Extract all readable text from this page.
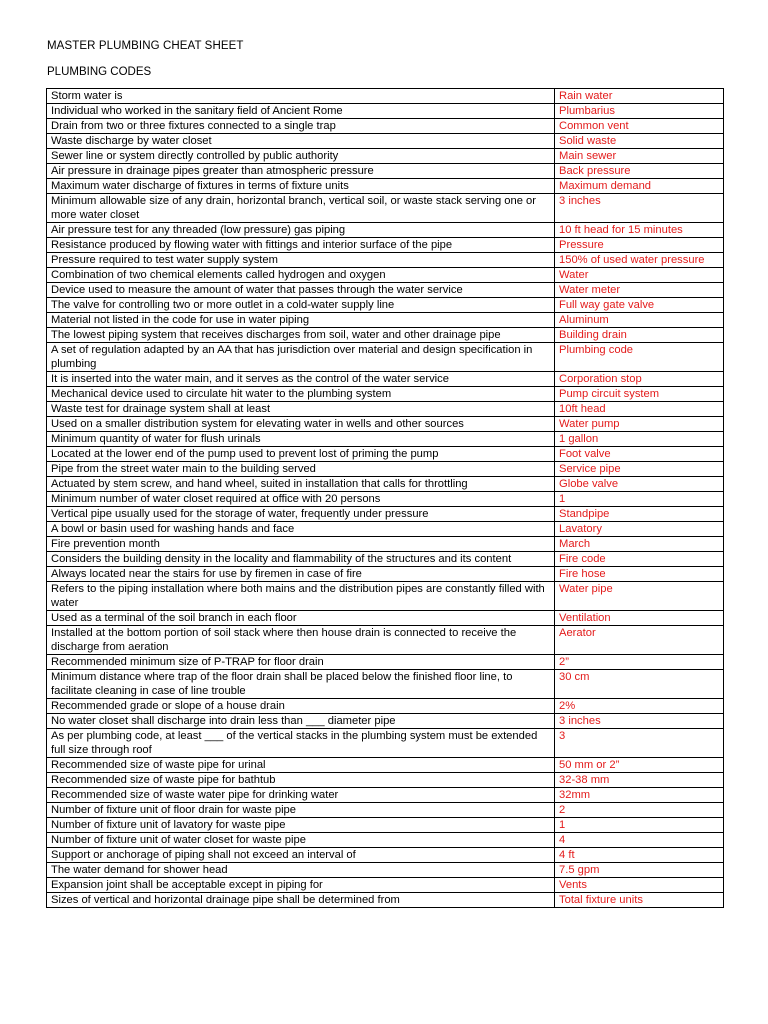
MASTER PLUMBING CHEAT SHEET
PLUMBING CODES
Storm water is	Rain water
Individual who worked in the sanitary field of Ancient Rome	Plumbarius
Drain from two or three fixtures connected to a single trap	Common vent
Waste discharge by water closet	Solid waste
Sewer line or system directly controlled by public authority	Main sewer
Air pressure in drainage pipes greater than atmospheric pressure	Back pressure
Maximum water discharge of fixtures in terms of fixture units	Maximum demand
Minimum allowable size of any drain, horizontal branch, vertical soil, or waste stack serving one or more water closet	3 inches
Air pressure test for any threaded (low pressure) gas piping	10 ft head for 15 minutes
Resistance produced by flowing water with fittings and interior surface of the pipe	Pressure
Pressure required to test water supply system	150% of used water pressure
Combination of two chemical elements called hydrogen and oxygen	Water
Device used to measure the amount of water that passes through the water service	Water meter
The valve for controlling two or more outlet in a cold-water supply line	Full way gate valve
Material not listed in the code for use in water piping	Aluminum
The lowest piping system that receives discharges from soil, water and other drainage pipe	Building drain
A set of regulation adapted by an AA that has jurisdiction over material and design specification in plumbing	Plumbing code
It is inserted into the water main, and it serves as the control of the water service	Corporation stop
Mechanical device used to circulate hit water to the plumbing system	Pump circuit system
Waste test for drainage system shall at least	10ft head
Used on a smaller distribution system for elevating water in wells and other sources	Water pump
Minimum quantity of water for flush urinals	1 gallon
Located at the lower end of the pump used to prevent lost of priming the pump	Foot valve
Pipe from the street water main to the building served	Service pipe
Actuated by stem screw, and hand wheel, suited in installation that calls for throttling	Globe valve
Minimum number of water closet required at office with 20 persons	1
Vertical pipe usually used for the storage of water, frequently under pressure	Standpipe
A bowl or basin used for washing hands and face	Lavatory
Fire prevention month	March
Considers the building density in the locality and flammability of the structures and its content	Fire code
Always located near the stairs for use by firemen in case of fire	Fire hose
Refers to the piping installation where both mains and the distribution pipes are constantly filled with water	Water pipe
Used as a terminal of the soil branch in each floor	Ventilation
Installed at the bottom portion of soil stack where then house drain is connected to receive the discharge from aeration	Aerator
Recommended minimum size of P-TRAP for floor drain	2”
Minimum distance where trap of the floor drain shall be placed below the finished floor line, to facilitate cleaning in case of line trouble	30 cm
Recommended grade or slope of a house drain	2%
No water closet shall discharge into drain less than ___ diameter pipe	3 inches
As per plumbing code, at least ___ of the vertical stacks in the plumbing system must be extended full size through roof	3
Recommended size of waste pipe for urinal	50 mm or 2”
Recommended size of waste pipe for bathtub	32-38 mm
Recommended size of waste water pipe for drinking water	32mm
Number of fixture unit of floor drain for waste pipe	2
Number of fixture unit of lavatory for waste pipe	1
Number of fixture unit of water closet for waste pipe	4
Support or anchorage of piping shall not exceed an interval of	4 ft
The water demand for shower head	7.5 gpm
Expansion joint shall be acceptable except in piping for	Vents
Sizes of vertical and horizontal drainage pipe shall be determined from	Total fixture units
